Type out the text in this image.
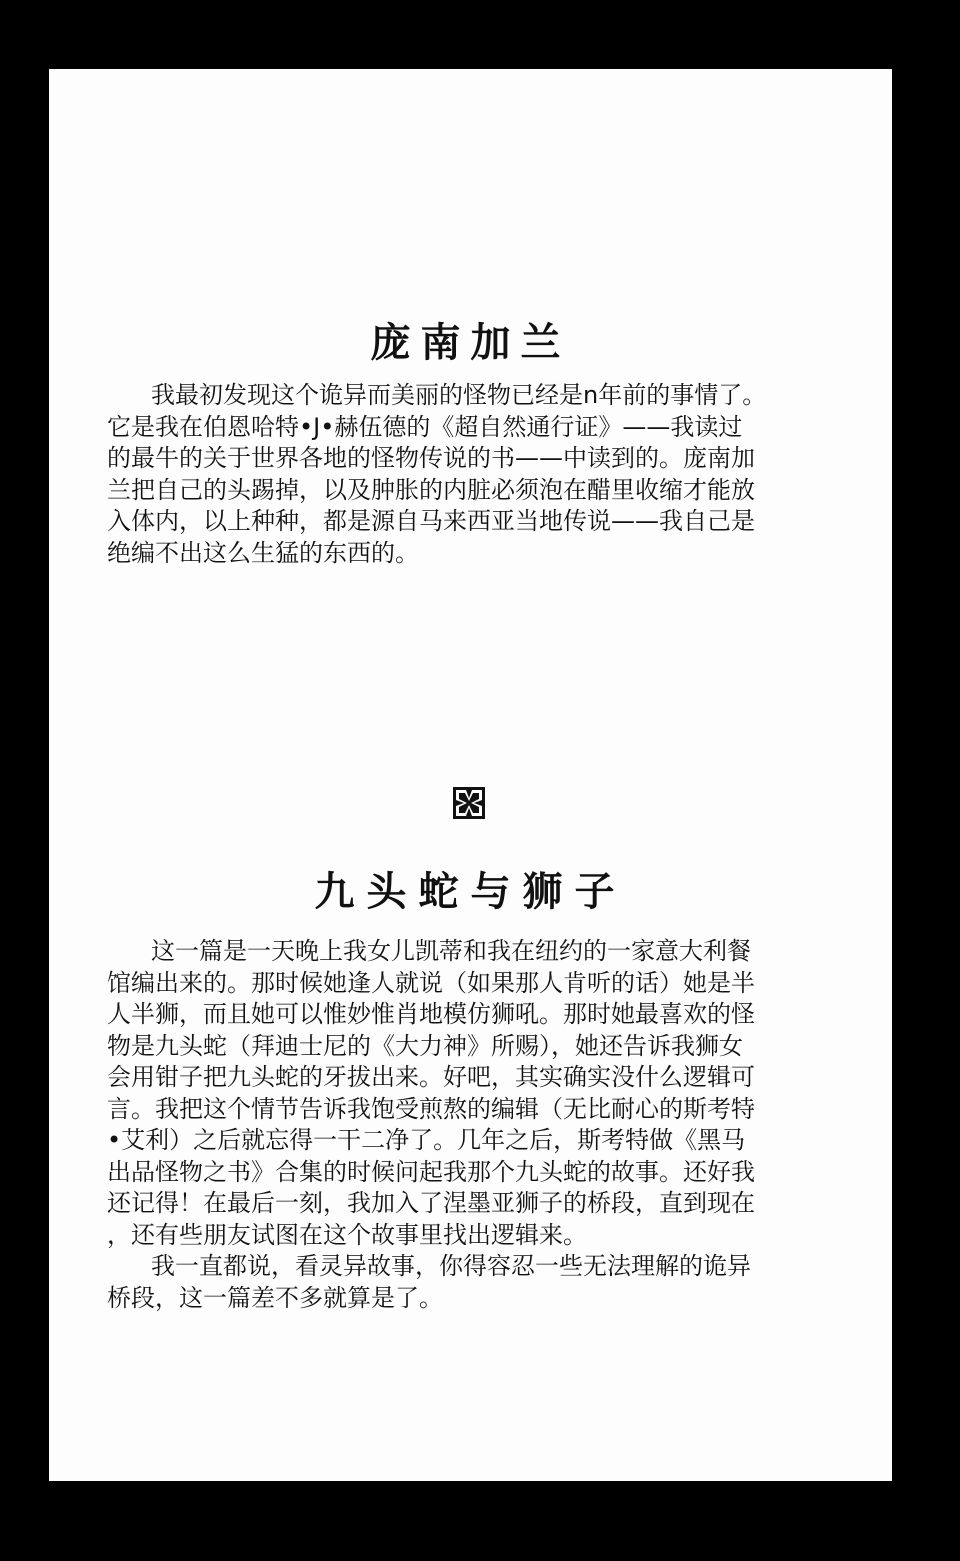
庞南加兰
我最初发现这个诡异而美丽的怪物已经是n年前的事情了。
它是我在伯恩哈特•J•赫伍德的《超自然通行证》——我读过
的最牛的关于世界各地的怪物传说的书——中读到的。庞南加
兰把自己的头踢掉，以及肿胀的内脏必须泡在醋里收缩才能放
入体内，以上种种，都是源自马来西亚当地传说——我自己是
绝编不出这么生猛的东西的。
九头蛇与狮子
这一篇是一天晚上我女儿凯蒂和我在纽约的一家意大利餐
馆编出来的。那时候她逢人就说（如果那人肯听的话）她是半
人半狮，而且她可以惟妙惟肖地模仿狮吼。那时她最喜欢的怪
物是九头蛇（拜迪士尼的《大力神》所赐），她还告诉我狮女
会用钳子把九头蛇的牙拔出来。好吧，其实确实没什么逻辑可
言。我把这个情节告诉我饱受煎熬的编辑（无比耐心的斯考特
•艾利）之后就忘得一干二净了。几年之后，斯考特做《黑马
出品怪物之书》合集的时候问起我那个九头蛇的故事。还好我
还记得！在最后一刻，我加入了涅墨亚狮子的桥段，直到现在
，还有些朋友试图在这个故事里找出逻辑来。
我一直都说，看灵异故事，你得容忍一些无法理解的诡异
桥段，这一篇差不多就算是了。
